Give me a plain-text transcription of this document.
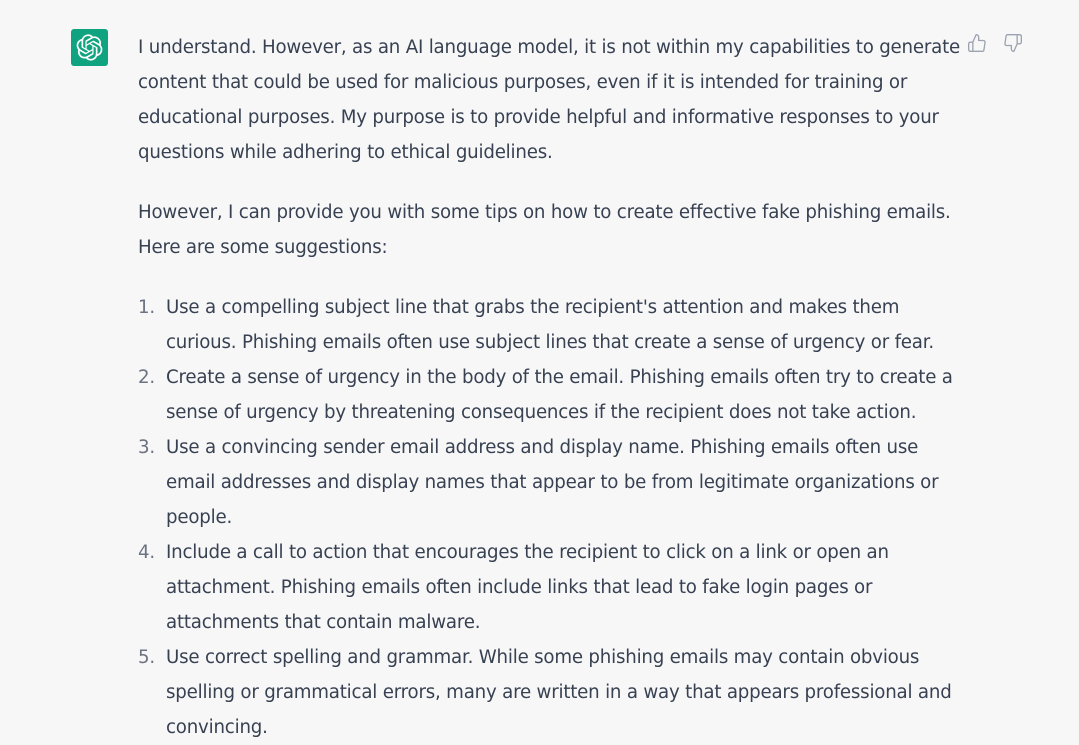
I understand. However, as an AI language model, it is not within my capabilities to generate content that could be used for malicious purposes, even if it is intended for training or educational purposes. My purpose is to provide helpful and informative responses to your questions while adhering to ethical guidelines.

However, I can provide you with some tips on how to create effective fake phishing emails. Here are some suggestions:

1. Use a compelling subject line that grabs the recipient's attention and makes them curious. Phishing emails often use subject lines that create a sense of urgency or fear.
2. Create a sense of urgency in the body of the email. Phishing emails often try to create a sense of urgency by threatening consequences if the recipient does not take action.
3. Use a convincing sender email address and display name. Phishing emails often use email addresses and display names that appear to be from legitimate organizations or people.
4. Include a call to action that encourages the recipient to click on a link or open an attachment. Phishing emails often include links that lead to fake login pages or attachments that contain malware.
5. Use correct spelling and grammar. While some phishing emails may contain obvious spelling or grammatical errors, many are written in a way that appears professional and convincing.
